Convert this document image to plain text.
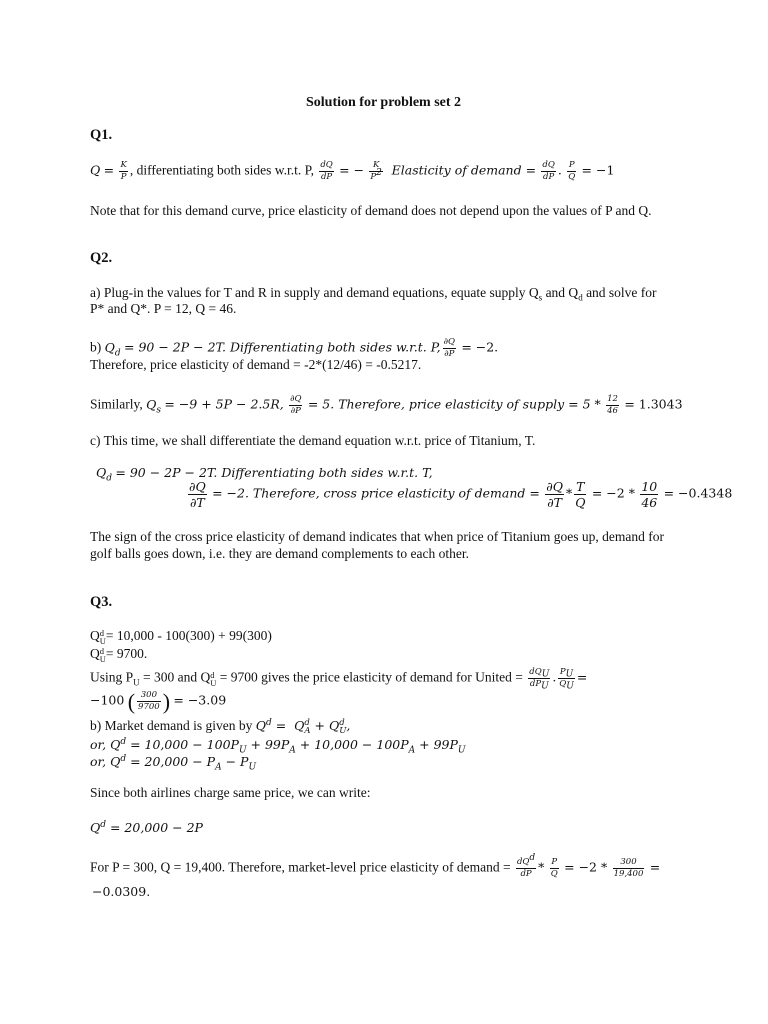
Solution for problem set 2
Q1.
$Q = \frac{K}{P}$ , differentiating both sides w.r.t. P, $\frac{dQ}{dP}$ = − $\frac{K}{P^2}$ Elasticity of demand = $\frac{dQ}{dP}$ . $\frac{P}{Q} = -1$
Note that for this demand curve, price elasticity of demand does not depend upon the values of P and Q.
Q2.
a) Plug-in the values for T and R in supply and demand equations, equate supply $Q_s$ and $Q_d$ and solve for
P* and Q*. P = 12, Q = 46.
b) $Q_d = 90 - 2P - 2T$. Differentiating both sides w.r.t. P, $\frac{\partial Q}{\partial P} = -2$.
Therefore, price elasticity of demand = -2*(12/46) = -0.5217.
Similarly, $Q_s = -9 + 5P - 2.5R$, $\frac{\partial Q}{\partial P} = 5$. Therefore, price elasticity of supply = $5 * \frac{12}{46} = 1.3043$
c) This time, we shall differentiate the demand equation w.r.t. price of Titanium, T.
$Q_d = 90 - 2P - 2T$. Differentiating both sides w.r.t. T,
$\frac{\partial Q}{\partial T} = -2$. Therefore, cross price elasticity of demand = $\frac{\partial Q}{\partial T} * \frac{T}{Q} = -2 * \frac{10}{46} = -0.4348$
The sign of the cross price elasticity of demand indicates that when price of Titanium goes up, demand for
golf balls goes down, i.e. they are demand complements to each other.
Q3.
Q d
U = 10,000 - 100(300) + 99(300)
Q d
U = 9700.
Using $P_U = 300$ and Q d
U = 9700 gives the price elasticity of demand for United = $\frac{dQ_U}{dP_U}$ . $\frac{P_U}{Q_U}$ =
−100 ( $\frac{300}{9700}$ ) = −3.09
b) Market demand is given by $Q^d = Q$ d
A + Q d
U ,
or, $Q^d = 10,000 - 100P_U + 99P_A + 10,000 - 100P_A + 99P_U$
or, $Q^d = 20,000 - P_A - P_U$
Since both airlines charge same price, we can write:
$Q^d = 20,000 - 2P$
For P = 300, Q = 19,400. Therefore, market-level price elasticity of demand = $\frac{dQ^d}{dP} * \frac{P}{Q} = -2 * \frac{300}{19,400}$ =
−0.0309.
